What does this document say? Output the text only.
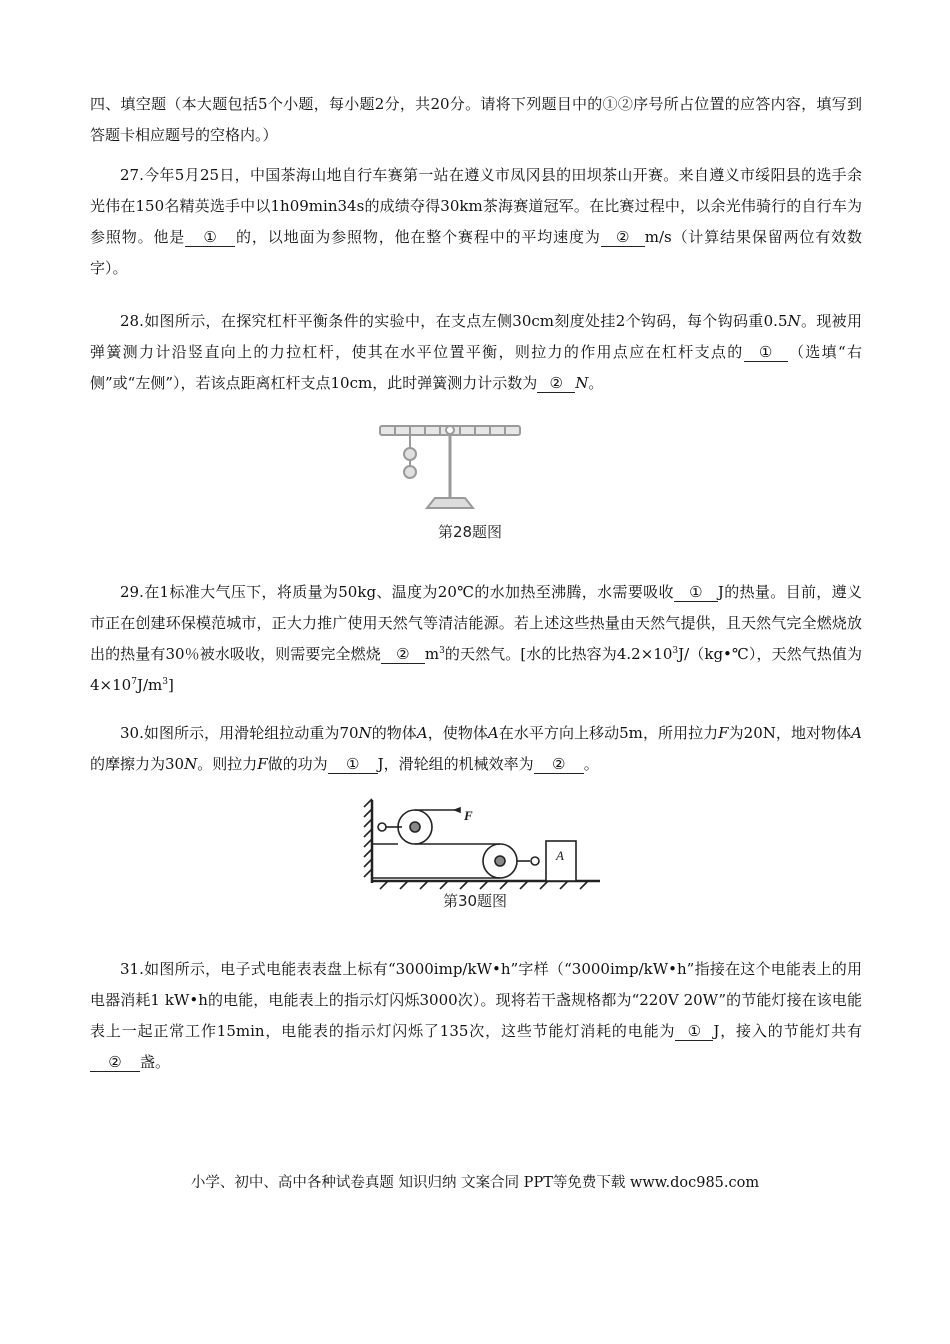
四、填空题（本大题包括5个小题，每小题2分，共20分。请将下列题目中的①②序号所占位置的应答内容，填写到答题卡相应题号的空格内。）

27.今年5月25日，中国茶海山地自行车赛第一站在遵义市凤冈县的田坝茶山开赛。来自遵义市绥阳县的选手余光伟在150名精英选手中以1h09min34s的成绩夺得30km茶海赛道冠军。在比赛过程中，以余光伟骑行的自行车为参照物。他是 ① 的，以地面为参照物，他在整个赛程中的平均速度为 ② m/s（计算结果保留两位有效数字）。

28.如图所示，在探究杠杆平衡条件的实验中，在支点左侧30cm刻度处挂2个钩码，每个钩码重0.5N。现被用弹簧测力计沿竖直向上的力拉杠杆，使其在水平位置平衡，则拉力的作用点应在杠杆支点的 ① （选填“右侧”或“左侧”），若该点距离杠杆支点10cm，此时弹簧测力计示数为 ② N。

第28题图

29.在1标准大气压下，将质量为50kg、温度为20℃的水加热至沸腾，水需要吸收 ① J的热量。目前，遵义市正在创建环保模范城市，正大力推广使用天然气等清洁能源。若上述这些热量由天然气提供，且天然气完全燃烧放出的热量有30％被水吸收，则需要完全燃烧 ② $m^3$的天然气。[水的比热容为$4.2\times 10^3J/(kg•℃)$，天然气热值为$4\times 10^7J/m^3$]

30.如图所示，用滑轮组拉动重为70N的物体A，使物体A在水平方向上移动5m，所用拉力F为20N，地对物体A的摩擦力为30N。则拉力F做的功为 ① J，滑轮组的机械效率为 ② 。

F
A
第30题图

31.如图所示，电子式电能表表盘上标有“3000imp/kW•h”字样（“3000imp/kW•h”指接在这个电能表上的用电器消耗1 kW•h的电能，电能表上的指示灯闪烁3000次）。现将若干盏规格都为“220V 20W”的节能灯接在该电能表上一起正常工作15min，电能表的指示灯闪烁了135次，这些节能灯消耗的电能为 ① J，接入的节能灯共有② 盏。

小学、初中、高中各种试卷真题 知识归纳 文案合同 PPT等免费下载 www.doc985.com
